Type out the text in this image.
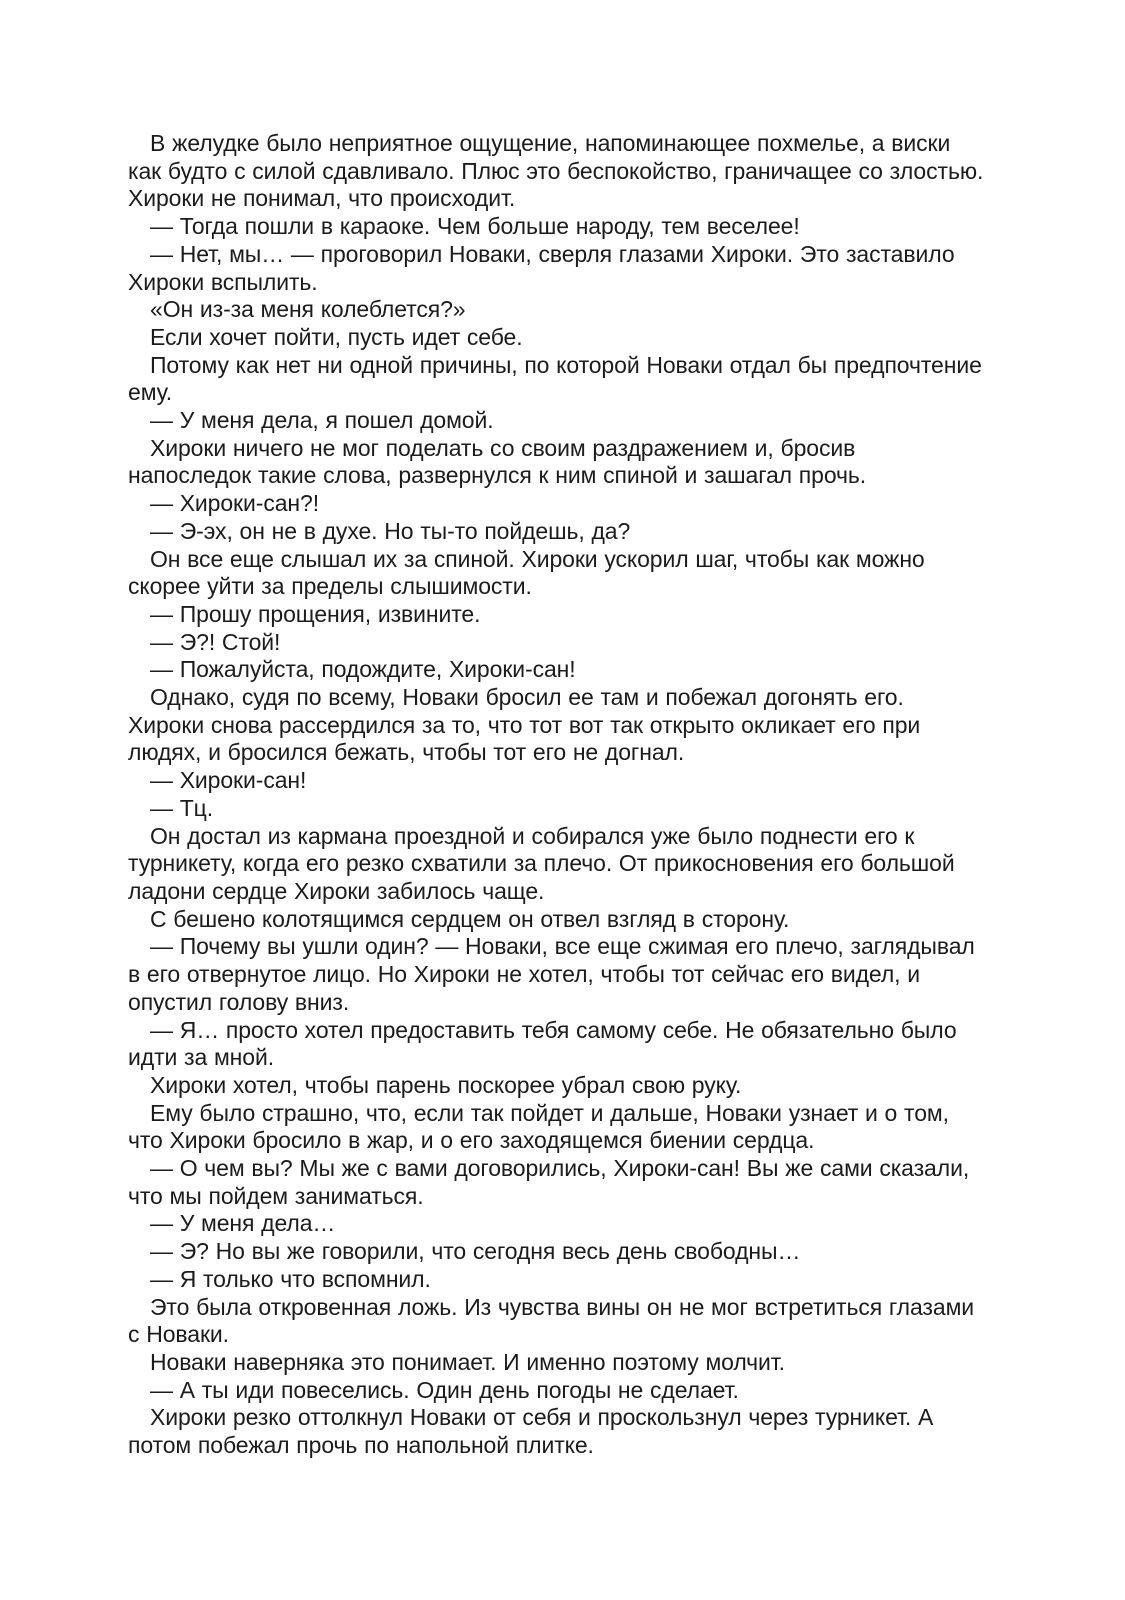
В желудке было неприятное ощущение, напоминающее похмелье, а виски как будто с силой сдавливало. Плюс это беспокойство, граничащее со злостью. Хироки не понимал, что происходит.

— Тогда пошли в караоке. Чем больше народу, тем веселее!

— Нет, мы… — проговорил Новаки, сверля глазами Хироки. Это заставило Хироки вспылить.

«Он из-за меня колеблется?»

Если хочет пойти, пусть идет себе.

Потому как нет ни одной причины, по которой Новаки отдал бы предпочтение ему.

— У меня дела, я пошел домой.

Хироки ничего не мог поделать со своим раздражением и, бросив напоследок такие слова, развернулся к ним спиной и зашагал прочь.

— Хироки-сан?!

— Э-эх, он не в духе. Но ты-то пойдешь, да?

Он все еще слышал их за спиной. Хироки ускорил шаг, чтобы как можно скорее уйти за пределы слышимости.

— Прошу прощения, извините.

— Э?! Стой!

— Пожалуйста, подождите, Хироки-сан!

Однако, судя по всему, Новаки бросил ее там и побежал догонять его. Хироки снова рассердился за то, что тот вот так открыто окликает его при людях, и бросился бежать, чтобы тот его не догнал.

— Хироки-сан!

— Тц.

Он достал из кармана проездной и собирался уже было поднести его к турникету, когда его резко схватили за плечо. От прикосновения его большой ладони сердце Хироки забилось чаще.

С бешено колотящимся сердцем он отвел взгляд в сторону.

— Почему вы ушли один? — Новаки, все еще сжимая его плечо, заглядывал в его отвернутое лицо. Но Хироки не хотел, чтобы тот сейчас его видел, и опустил голову вниз.

— Я… просто хотел предоставить тебя самому себе. Не обязательно было идти за мной.

Хироки хотел, чтобы парень поскорее убрал свою руку.

Ему было страшно, что, если так пойдет и дальше, Новаки узнает и о том, что Хироки бросило в жар, и о его заходящемся биении сердца.

— О чем вы? Мы же с вами договорились, Хироки-сан! Вы же сами сказали, что мы пойдем заниматься.

— У меня дела…

— Э? Но вы же говорили, что сегодня весь день свободны…

— Я только что вспомнил.

Это была откровенная ложь. Из чувства вины он не мог встретиться глазами с Новаки.

Новаки наверняка это понимает. И именно поэтому молчит.

— А ты иди повеселись. Один день погоды не сделает.

Хироки резко оттолкнул Новаки от себя и проскользнул через турникет. А потом побежал прочь по напольной плитке.
